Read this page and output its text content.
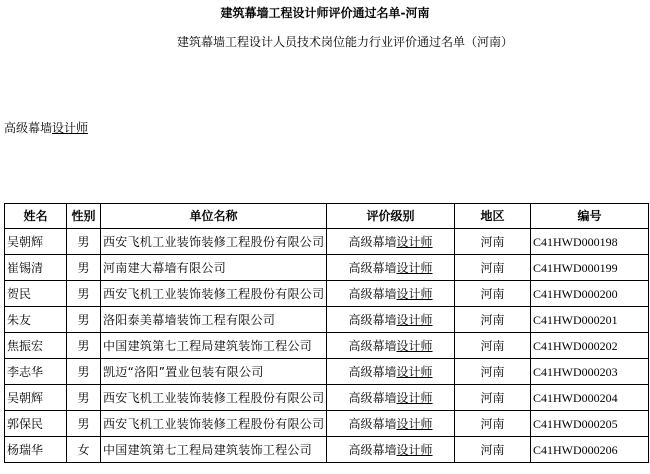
建筑幕墙工程设计师评价通过名单-河南
建筑幕墙工程设计人员技术岗位能力行业评价通过名单（河南）
高级幕墙设计师
姓名	性别	单位名称	评价级别	地区	编号
吴朝辉	男	西安飞机工业装饰装修工程股份有限公司	高级幕墙设计师	河南	C41HWD000198
崔锡清	男	河南建大幕墙有限公司	高级幕墙设计师	河南	C41HWD000199
贺民	男	西安飞机工业装饰装修工程股份有限公司	高级幕墙设计师	河南	C41HWD000200
朱友	男	洛阳泰美幕墙装饰工程有限公司	高级幕墙设计师	河南	C41HWD000201
焦振宏	男	中国建筑第七工程局建筑装饰工程公司	高级幕墙设计师	河南	C41HWD000202
李志华	男	凯迈“洛阳”置业包装有限公司	高级幕墙设计师	河南	C41HWD000203
吴朝辉	男	西安飞机工业装饰装修工程股份有限公司	高级幕墙设计师	河南	C41HWD000204
郭保民	男	西安飞机工业装饰装修工程股份有限公司	高级幕墙设计师	河南	C41HWD000205
杨瑞华	女	中国建筑第七工程局建筑装饰工程公司	高级幕墙设计师	河南	C41HWD000206
